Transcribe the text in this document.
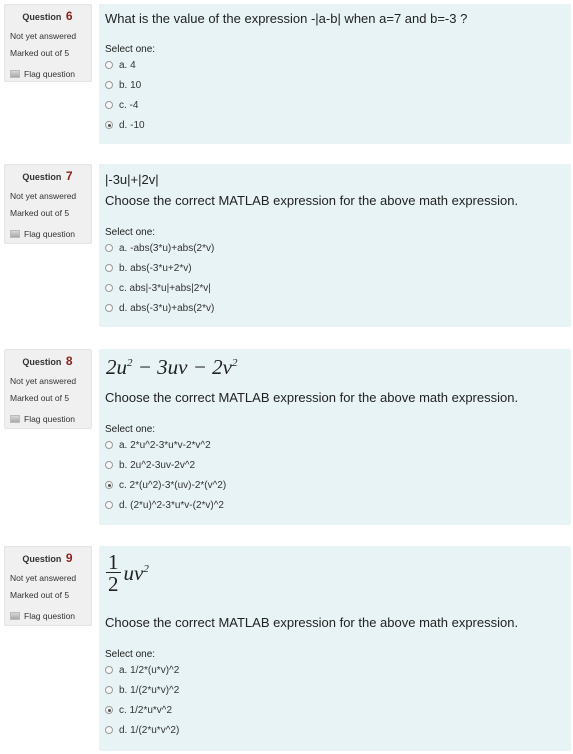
Question 6
Not yet answered
Marked out of 5
Flag question
What is the value of the expression -|a-b| when a=7 and b=-3 ?
Select one:
a. 4
b. 10
c. -4
d. -10
Question 7
Not yet answered
Marked out of 5
Flag question
|-3u|+|2v|
Choose the correct MATLAB expression for the above math expression.
Select one:
a. -abs(3*u)+abs(2*v)
b. abs(-3*u+2*v)
c. abs|-3*u|+abs|2*v|
d. abs(-3*u)+abs(2*v)
Question 8
Not yet answered
Marked out of 5
Flag question
$2u^2 - 3uv - 2v^2$
Choose the correct MATLAB expression for the above math expression.
Select one:
a. 2*u^2-3*u*v-2*v^2
b. 2u^2-3uv-2v^2
c. 2*(u^2)-3*(uv)-2*(v^2)
d. (2*u)^2-3*u*v-(2*v)^2
Question 9
Not yet answered
Marked out of 5
Flag question
$\frac{1}{2} uv^2$
Choose the correct MATLAB expression for the above math expression.
Select one:
a. 1/2*(u*v)^2
b. 1/(2*u*v)^2
c. 1/2*u*v^2
d. 1/(2*u*v^2)
